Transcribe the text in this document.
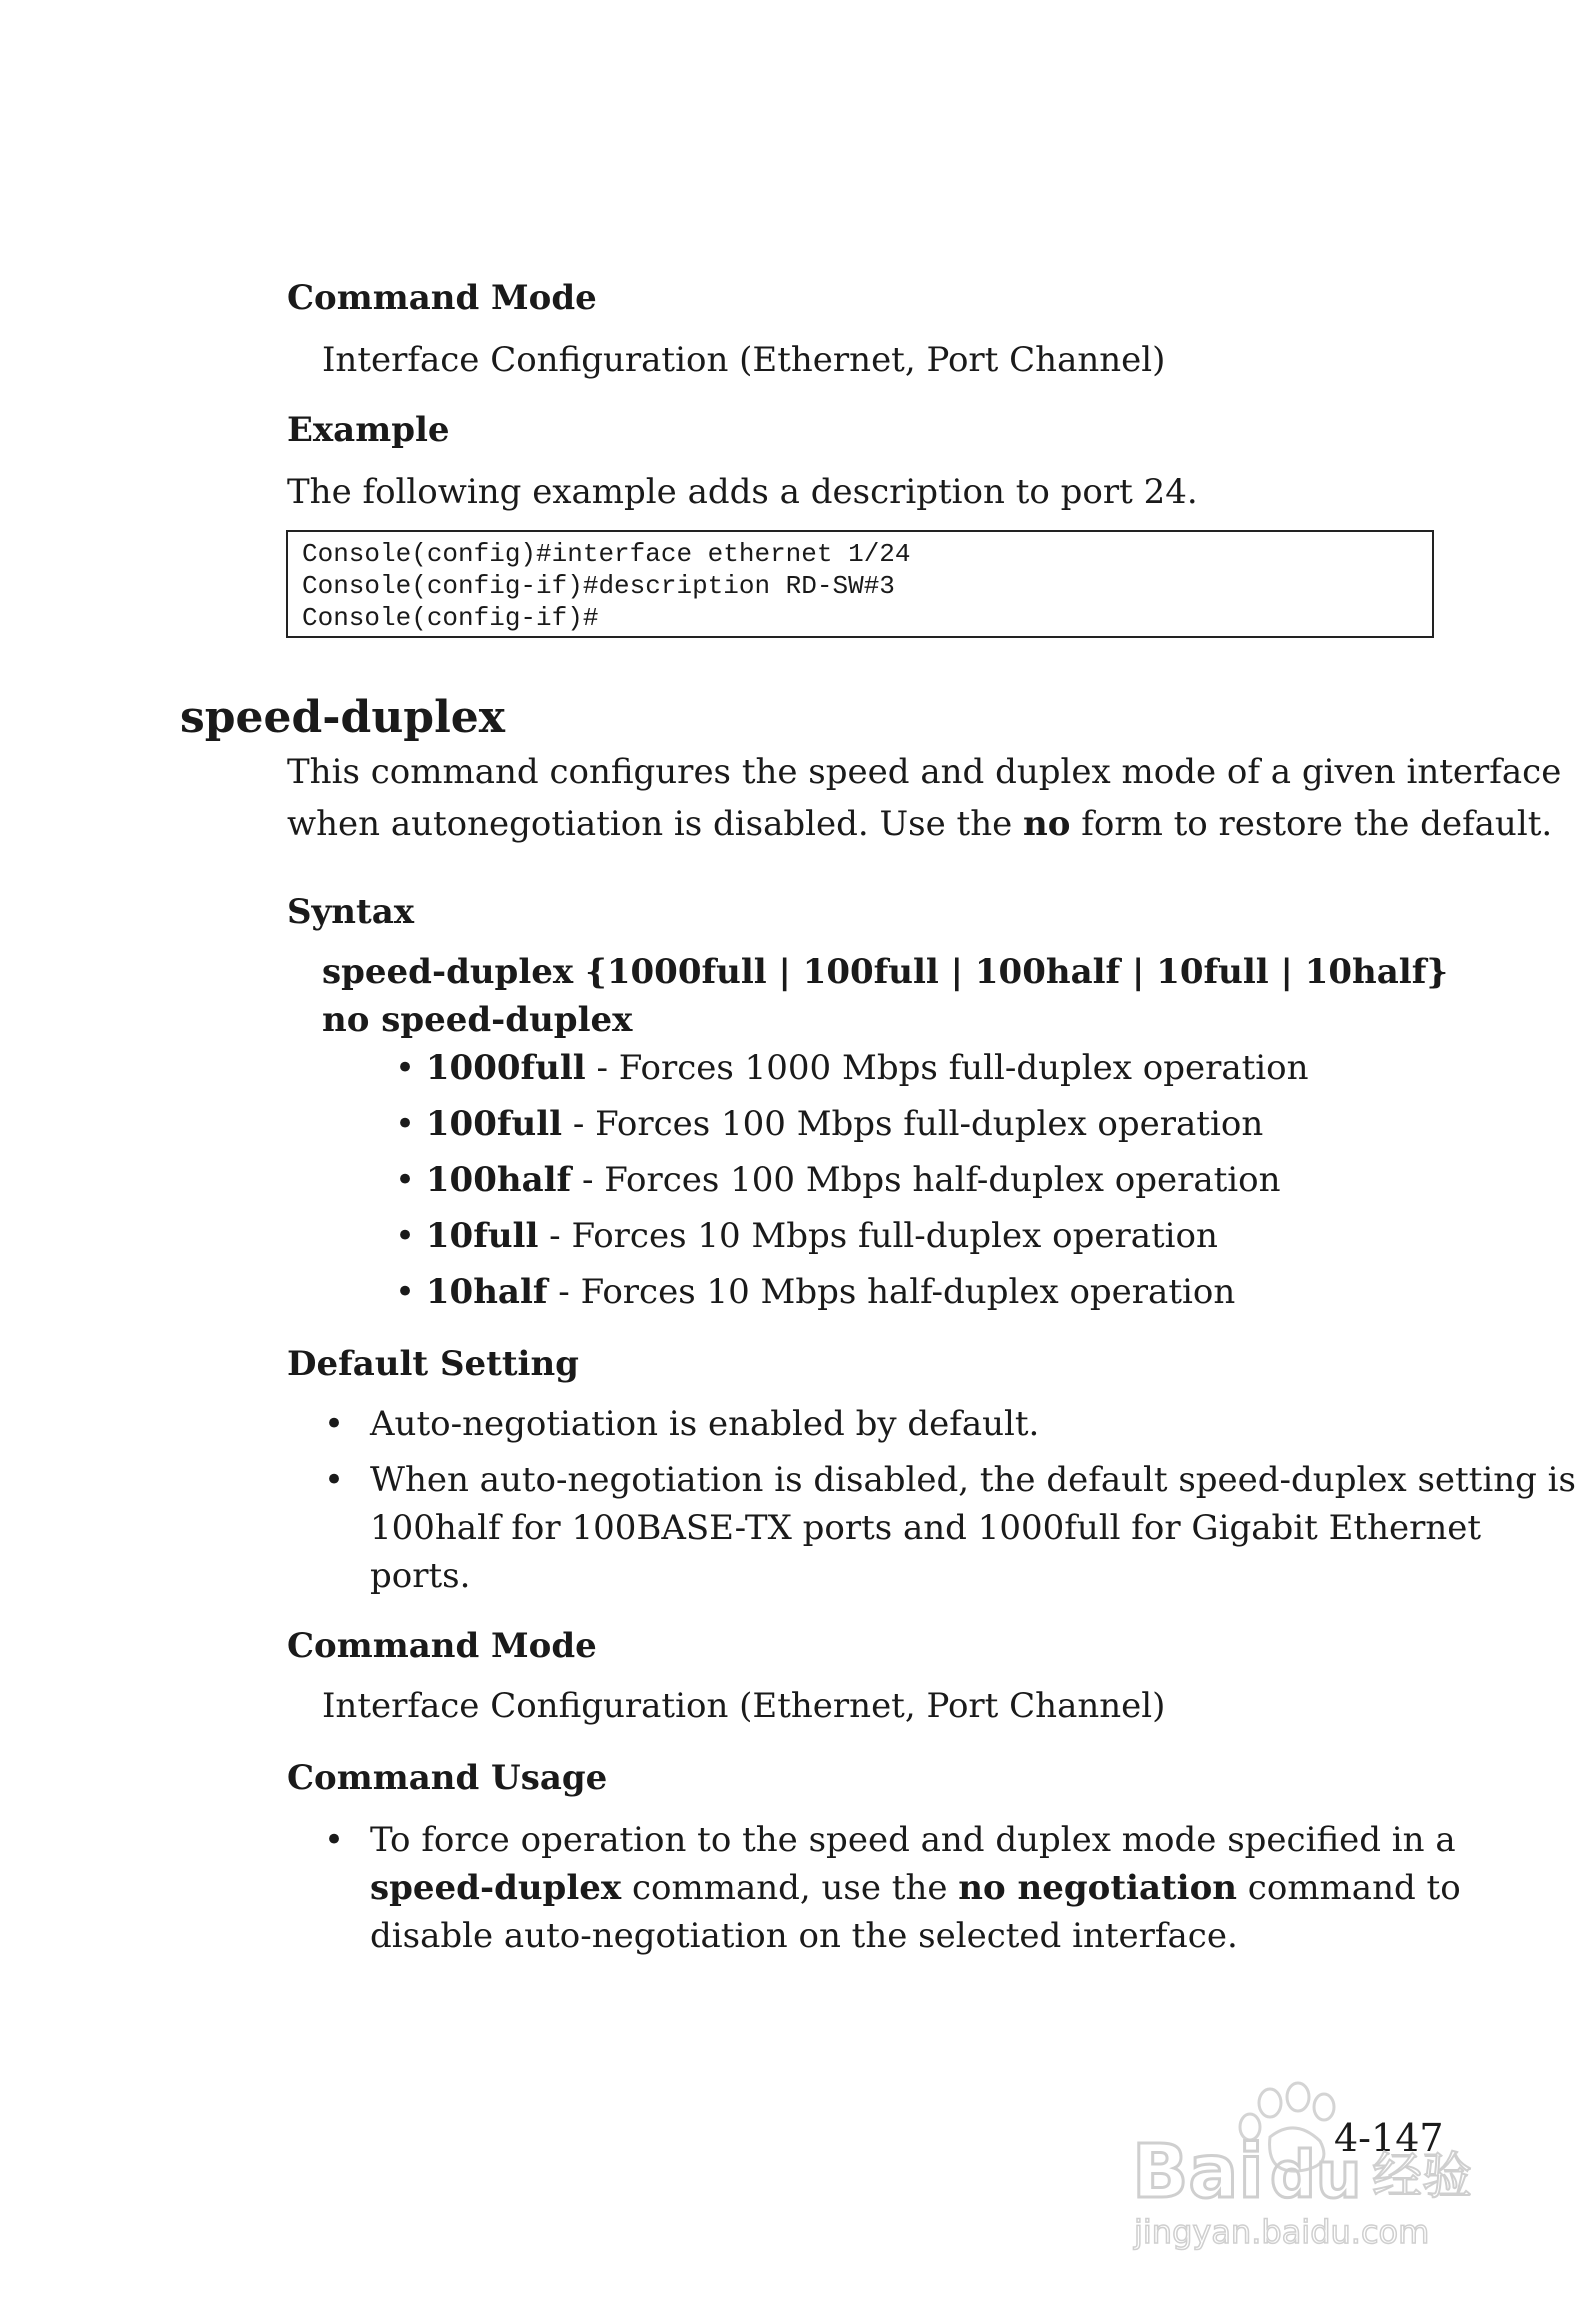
Command Mode
Interface Configuration (Ethernet, Port Channel)
Example
The following example adds a description to port 24.
Console(config)#interface ethernet 1/24
Console(config-if)#description RD-SW#3
Console(config-if)#
speed-duplex
This command configures the speed and duplex mode of a given interface
when autonegotiation is disabled. Use the no form to restore the default.
Syntax
speed-duplex {1000full | 100full | 100half | 10full | 10half}
no speed-duplex
• 1000full - Forces 1000 Mbps full-duplex operation
• 100full - Forces 100 Mbps full-duplex operation
• 100half - Forces 100 Mbps half-duplex operation
• 10full - Forces 10 Mbps full-duplex operation
• 10half - Forces 10 Mbps half-duplex operation
Default Setting
• Auto-negotiation is enabled by default.
• When auto-negotiation is disabled, the default speed-duplex setting is
100half for 100BASE-TX ports and 1000full for Gigabit Ethernet
ports.
Command Mode
Interface Configuration (Ethernet, Port Channel)
Command Usage
• To force operation to the speed and duplex mode specified in a
speed-duplex command, use the no negotiation command to
disable auto-negotiation on the selected interface.
4-147
Bai du 经验
jingyan.baidu.com
